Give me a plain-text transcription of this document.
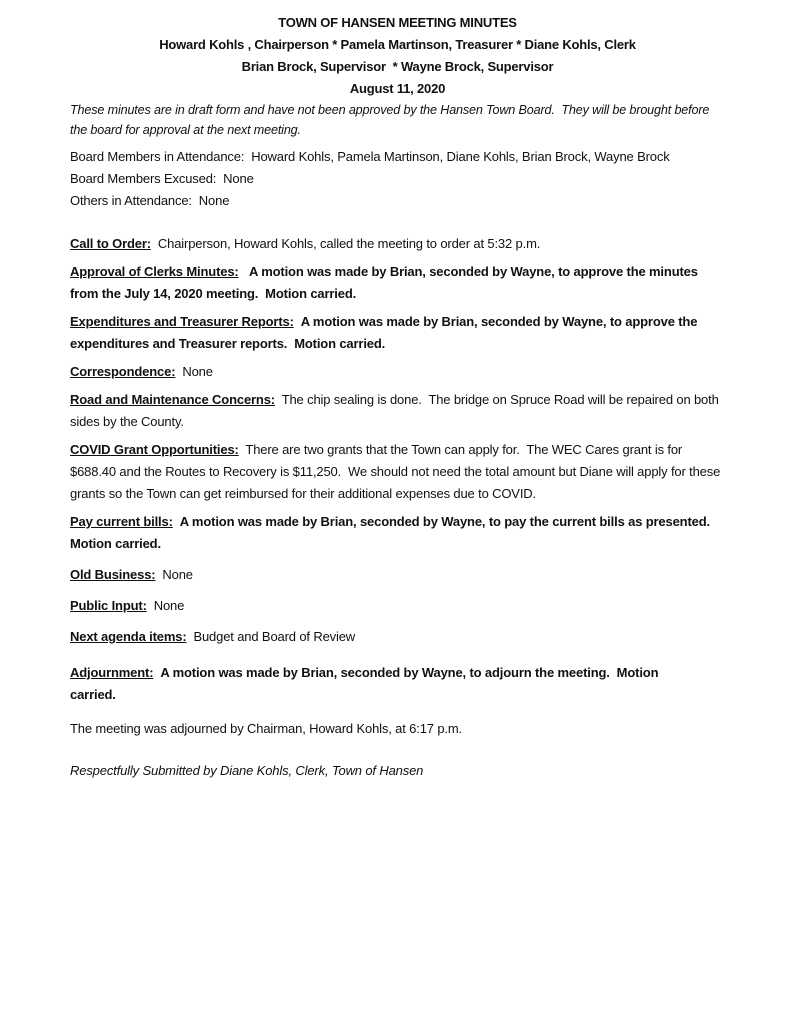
TOWN OF HANSEN MEETING MINUTES
Howard Kohls , Chairperson * Pamela Martinson, Treasurer * Diane Kohls, Clerk
Brian Brock, Supervisor  * Wayne Brock, Supervisor
August 11, 2020
These minutes are in draft form and have not been approved by the Hansen Town Board.  They will be brought before the board for approval at the next meeting.
Board Members in Attendance:  Howard Kohls, Pamela Martinson, Diane Kohls, Brian Brock, Wayne Brock
Board Members Excused:  None
Others in Attendance:  None
Call to Order: Chairperson, Howard Kohls, called the meeting to order at 5:32 p.m.
Approval of Clerks Minutes: A motion was made by Brian, seconded by Wayne, to approve the minutes from the July 14, 2020 meeting.  Motion carried.
Expenditures and Treasurer Reports: A motion was made by Brian, seconded by Wayne, to approve the expenditures and Treasurer reports.  Motion carried.
Correspondence: None
Road and Maintenance Concerns: The chip sealing is done.  The bridge on Spruce Road will be repaired on both sides by the County.
COVID Grant Opportunities: There are two grants that the Town can apply for.  The WEC Cares grant is for $688.40 and the Routes to Recovery is $11,250.  We should not need the total amount but Diane will apply for these grants so the Town can get reimbursed for their additional expenses due to COVID.
Pay current bills: A motion was made by Brian, seconded by Wayne, to pay the current bills as presented.  Motion carried.
Old Business: None
Public Input: None
Next agenda items: Budget and Board of Review
Adjournment: A motion was made by Brian, seconded by Wayne, to adjourn the meeting.  Motion carried.
The meeting was adjourned by Chairman, Howard Kohls, at 6:17 p.m.
Respectfully Submitted by Diane Kohls, Clerk, Town of Hansen
